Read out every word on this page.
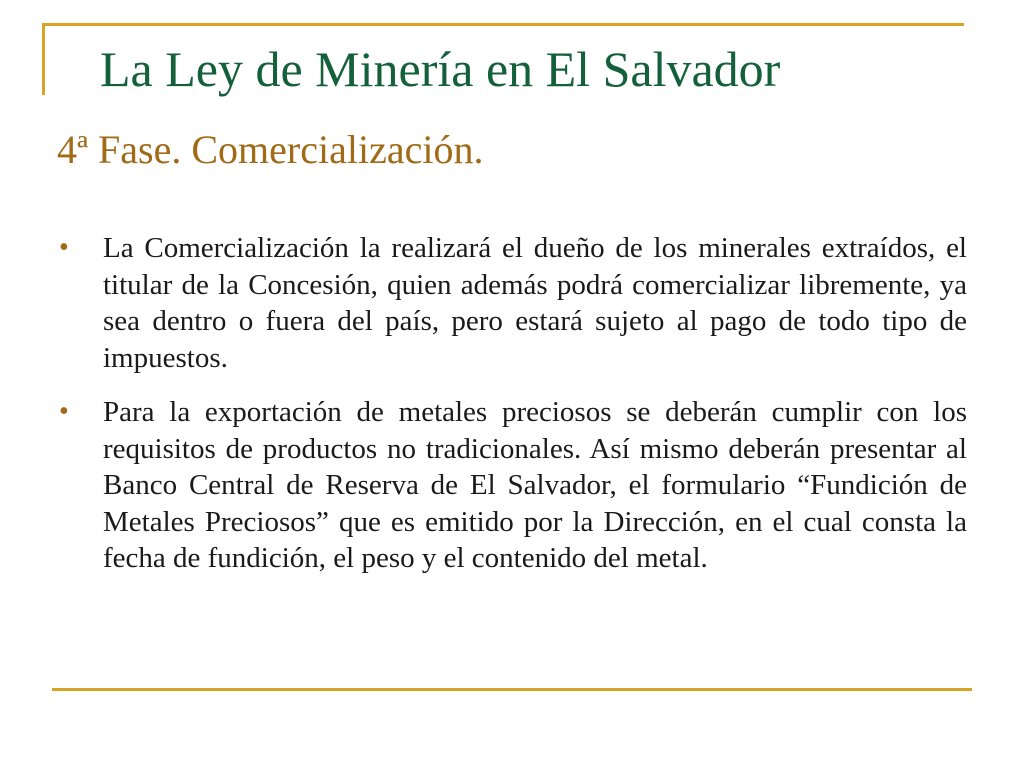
La Ley de Minería en El Salvador
4ª Fase. Comercialización.
•	La Comercialización la realizará el dueño de los minerales extraídos, el titular de la Concesión, quien además podrá comercializar libremente, ya sea dentro o fuera del país, pero estará sujeto al pago de todo tipo de impuestos.
•	Para la exportación de metales preciosos se deberán cumplir con los requisitos de productos no tradicionales. Así mismo deberán presentar al Banco Central de Reserva de El Salvador, el formulario “Fundición de Metales Preciosos” que es emitido por la Dirección, en el cual consta la fecha de fundición, el peso y el contenido del metal.
